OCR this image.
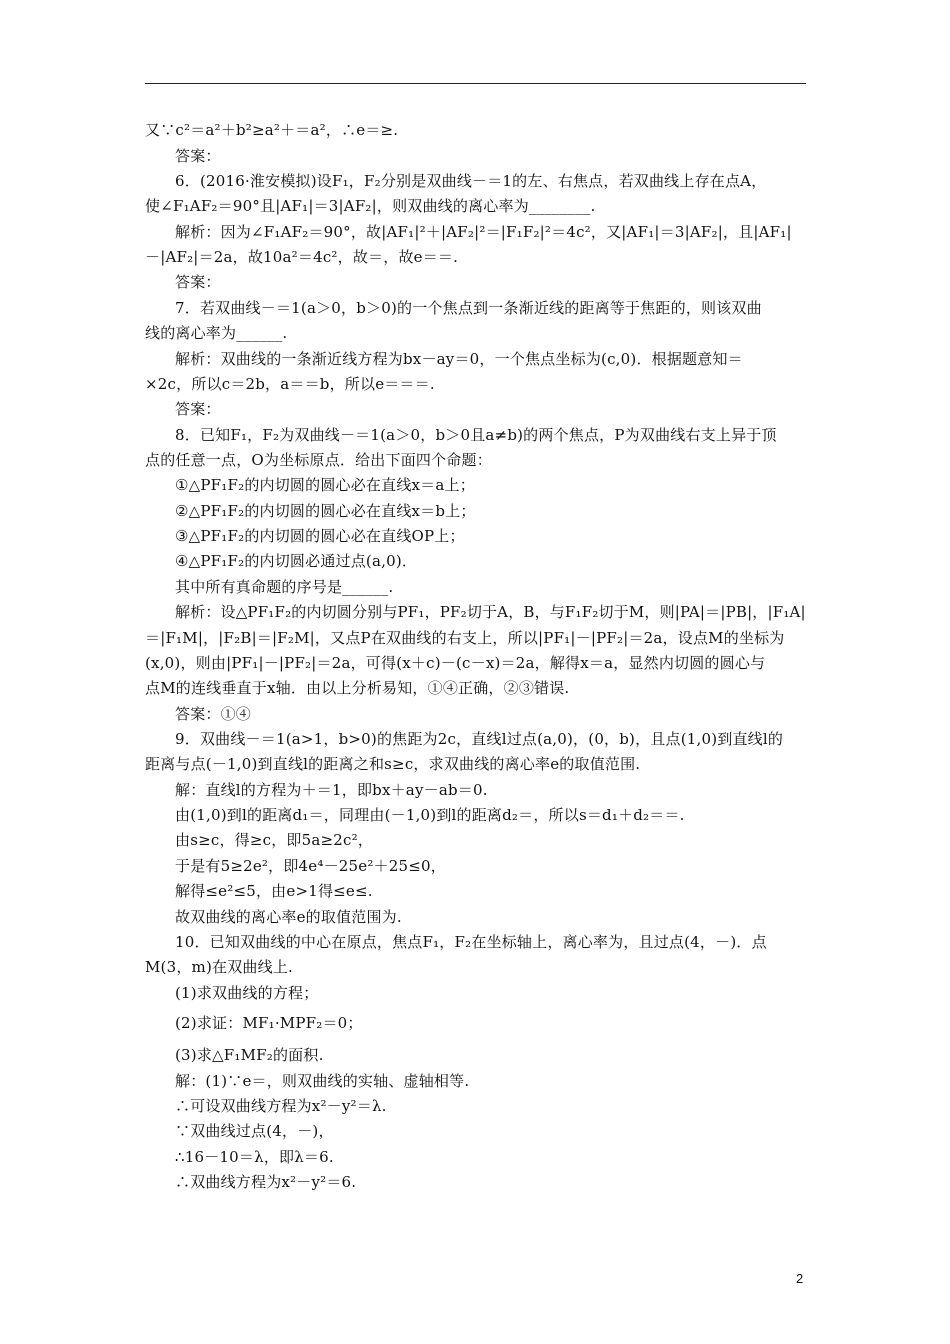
又∵c²＝a²＋b²≥a²＋＝a²，∴e＝≥.
答案：
6．(2016·淮安模拟)设F₁，F₂分别是双曲线－＝1的左、右焦点，若双曲线上存在点A，
使∠F₁AF₂＝90°且|AF₁|＝3|AF₂|，则双曲线的离心率为________.
解析：因为∠F₁AF₂＝90°，故|AF₁|²＋|AF₂|²＝|F₁F₂|²＝4c²，又|AF₁|＝3|AF₂|，且|AF₁|
－|AF₂|＝2a，故10a²＝4c²，故＝，故e＝＝.
答案：
7．若双曲线－＝1(a＞0，b＞0)的一个焦点到一条渐近线的距离等于焦距的，则该双曲
线的离心率为______.
解析：双曲线的一条渐近线方程为bx－ay＝0，一个焦点坐标为(c,0)．根据题意知＝
×2c，所以c＝2b，a＝＝b，所以e＝＝＝.
答案：
8．已知F₁，F₂为双曲线－＝1(a＞0，b＞0且a≠b)的两个焦点，P为双曲线右支上异于顶
点的任意一点，O为坐标原点．给出下面四个命题：
①△PF₁F₂的内切圆的圆心必在直线x＝a上；
②△PF₁F₂的内切圆的圆心必在直线x＝b上；
③△PF₁F₂的内切圆的圆心必在直线OP上；
④△PF₁F₂的内切圆必通过点(a,0)．
其中所有真命题的序号是______.
解析：设△PF₁F₂的内切圆分别与PF₁，PF₂切于A，B，与F₁F₂切于M，则|PA|＝|PB|，|F₁A|
＝|F₁M|，|F₂B|＝|F₂M|，又点P在双曲线的右支上，所以|PF₁|－|PF₂|＝2a，设点M的坐标为
(x,0)，则由|PF₁|－|PF₂|＝2a，可得(x＋c)－(c－x)＝2a，解得x＝a，显然内切圆的圆心与
点M的连线垂直于x轴．由以上分析易知，①④正确，②③错误.
答案：①④
9．双曲线－＝1(a>1，b>0)的焦距为2c，直线l过点(a,0)，(0，b)，且点(1,0)到直线l的
距离与点(－1,0)到直线l的距离之和s≥c，求双曲线的离心率e的取值范围.
解：直线l的方程为＋＝1，即bx＋ay－ab＝0.
由(1,0)到l的距离d₁＝，同理由(－1,0)到l的距离d₂＝，所以s＝d₁＋d₂＝＝.
由s≥c，得≥c，即5a≥2c²，
于是有5≥2e²，即4e⁴－25e²＋25≤0，
解得≤e²≤5，由e>1得≤e≤.
故双曲线的离心率e的取值范围为.
10．已知双曲线的中心在原点，焦点F₁，F₂在坐标轴上，离心率为，且过点(4，－)．点
M(3，m)在双曲线上.
(1)求双曲线的方程；
(2)求证：MF₁·MPF₂＝0；
(3)求△F₁MF₂的面积.
解：(1)∵e＝，则双曲线的实轴、虚轴相等.
∴可设双曲线方程为x²－y²＝λ.
∵双曲线过点(4，－)，
∴16－10＝λ，即λ＝6.
∴双曲线方程为x²－y²＝6.
2
